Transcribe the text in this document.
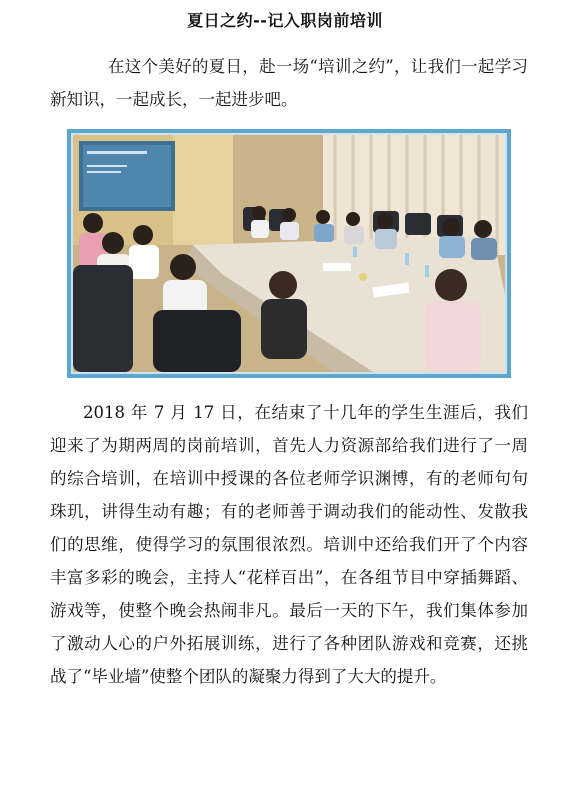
夏日之约--记入职岗前培训

在这个美好的夏日，赴一场“培训之约”，让我们一起学习新知识，一起成长，一起进步吧。

2018 年 7 月 17 日，在结束了十几年的学生生涯后，我们迎来了为期两周的岗前培训，首先人力资源部给我们进行了一周的综合培训，在培训中授课的各位老师学识渊博，有的老师句句珠玑，讲得生动有趣；有的老师善于调动我们的能动性、发散我们的思维，使得学习的氛围很浓烈。培训中还给我们开了个内容丰富多彩的晚会，主持人“花样百出”，在各组节目中穿插舞蹈、游戏等，使整个晚会热闹非凡。最后一天的下午，我们集体参加了激动人心的户外拓展训练，进行了各种团队游戏和竞赛，还挑战了“毕业墙”使整个团队的凝聚力得到了大大的提升。
